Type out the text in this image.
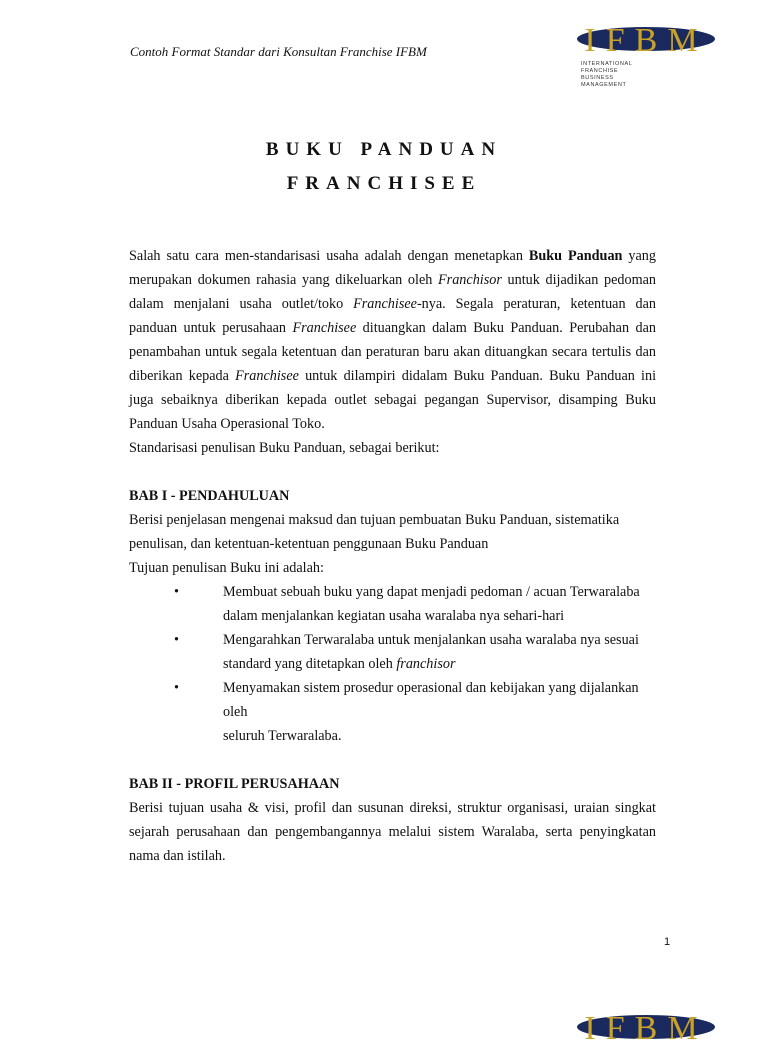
Contoh Format Standar dari Konsultan Franchise IFBM	IFBM
INTERNATIONAL
FRANCHISE
BUSINESS
MANAGEMENT
BUKU PANDUAN
FRANCHISEE

Salah satu cara men-standarisasi usaha adalah dengan menetapkan Buku Panduan yang merupakan dokumen rahasia yang dikeluarkan oleh Franchisor untuk dijadikan pedoman dalam menjalani usaha outlet/toko Franchisee-nya. Segala peraturan, ketentuan dan panduan untuk perusahaan Franchisee dituangkan dalam Buku Panduan. Perubahan dan penambahan untuk segala ketentuan dan peraturan baru akan dituangkan secara tertulis dan diberikan kepada Franchisee untuk dilampiri didalam Buku Panduan. Buku Panduan ini juga sebaiknya diberikan kepada outlet sebagai pegangan Supervisor, disamping Buku Panduan Usaha Operasional Toko.

Standarisasi penulisan Buku Panduan, sebagai berikut:

BAB I - PENDAHULUAN

Berisi penjelasan mengenai maksud dan tujuan pembuatan Buku Panduan, sistematika

penulisan, dan ketentuan-ketentuan penggunaan Buku Panduan

Tujuan penulisan Buku ini adalah:

•	Membuat sebuah buku yang dapat menjadi pedoman / acuan Terwaralaba
dalam menjalankan kegiatan usaha waralaba nya sehari-hari
•	Mengarahkan Terwaralaba untuk menjalankan usaha waralaba nya sesuai
standard yang ditetapkan oleh franchisor
•	Menyamakan sistem prosedur operasional dan kebijakan yang dijalankan oleh
seluruh Terwaralaba.

BAB II - PROFIL PERUSAHAAN

Berisi tujuan usaha & visi, profil dan susunan direksi, struktur organisasi, uraian singkat sejarah perusahaan dan pengembangannya melalui sistem Waralaba, serta penyingkatan nama dan istilah.

1
IFBM
